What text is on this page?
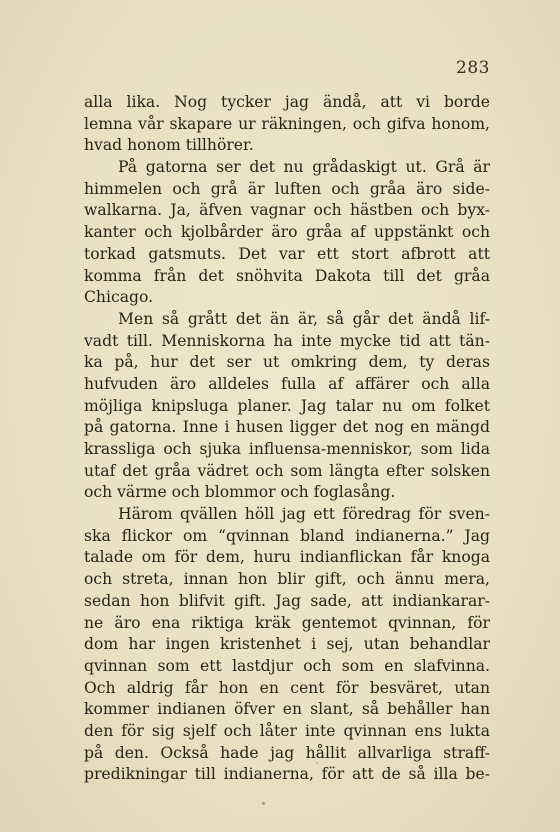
283
alla lika. Nog tycker jag ändå, att vi borde
lemna vår skapare ur räkningen, och gifva honom,
hvad honom tillhörer.
På gatorna ser det nu grådaskigt ut. Grå är
himmelen och grå är luften och gråa äro side-
walkarna. Ja, äfven vagnar och hästben och byx-
kanter och kjolbårder äro gråa af uppstänkt och
torkad gatsmuts. Det var ett stort afbrott att
komma från det snöhvita Dakota till det gråa
Chicago.
Men så grått det än är, så går det ändå lif-
vadt till. Menniskorna ha inte mycke tid att tän-
ka på, hur det ser ut omkring dem, ty deras
hufvuden äro alldeles fulla af affärer och alla
möjliga knipsluga planer. Jag talar nu om folket
på gatorna. Inne i husen ligger det nog en mängd
krassliga och sjuka influensa-menniskor, som lida
utaf det gråa vädret och som längta efter solsken
och värme och blommor och foglasång.
Härom qvällen höll jag ett föredrag för sven-
ska flickor om “qvinnan bland indianerna.” Jag
talade om för dem, huru indianflickan får knoga
och streta, innan hon blir gift, och ännu mera,
sedan hon blifvit gift. Jag sade, att indiankarar-
ne äro ena riktiga kräk gentemot qvinnan, för
dom har ingen kristenhet i sej, utan behandlar
qvinnan som ett lastdjur och som en slafvinna.
Och aldrig får hon en cent för besväret, utan
kommer indianen öfver en slant, så behåller han
den för sig sjelf och låter inte qvinnan ens lukta
på den. Också hade jag hållit allvarliga straff-
predikningar till indianerna, för att de så illa be-
